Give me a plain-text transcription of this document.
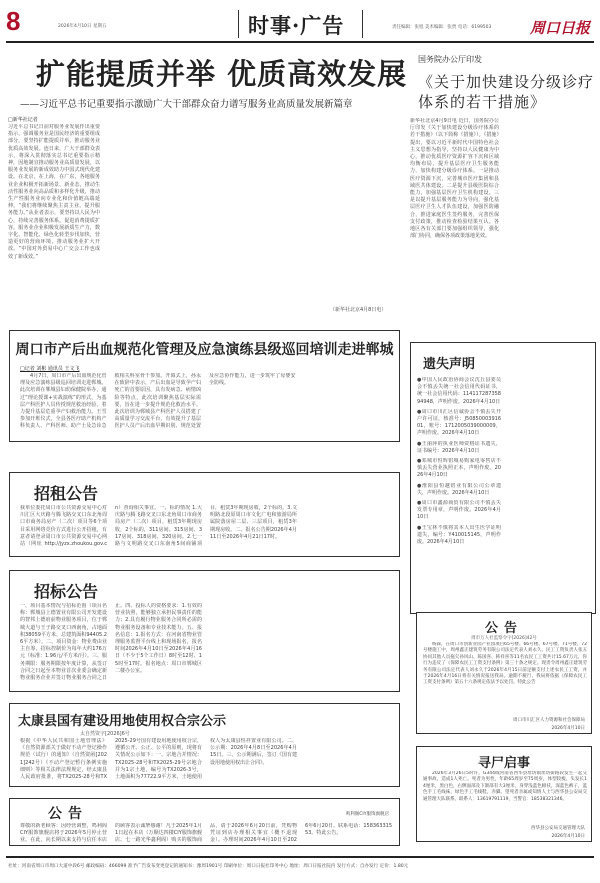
8	2026年4月10日 星期五	时事·广告	责任编辑：张旭 美术编辑：张贾 电话：6199503	周口日报
扩能提质并举 优质高效发展
——习近平总书记重要指示激励广大干部群众奋力谱写服务业高质量发展新篇章
□新华社记者
习近平总书记日前对服务业发展作出重要指示，强调服务业是国民经济的重要组成部分，要坚持扩能提质并举，推动服务业优质高效发展。连日来，广大干部群众表示，将深入贯彻落实总书记重要指示精神，因地制宜推动服务业高质量发展，以服务业发展的新成效助力中国式现代化建设。在北京，在上海，在广东，各地服务业企业积极开拓新场景、新业态，推动生活性服务业向高品质和多样化升级，推动生产性服务业向专业化和价值链高端延伸。“我们将继续聚焦主责主业，提升服务能力。”从业者表示，要坚持以人民为中心，持续完善服务体系，促进消费提质扩容。服务业企业积极发展新质生产力，数字化、智能化、绿色化转型步伐加快，营造更好的营商环境，推动服务业扩大开放。“中国对外贸易中心广交会工作也成效了新成效。”
（新华社北京4月8日电）
国务院办公厅印发
《关于加快建设分级诊疗体系的若干措施》
新华社北京4月9日电 近日，国务院办公厅印发《关于加快建设分级诊疗体系的若干措施》（以下简称《措施》）。《措施》提出，要以习近平新时代中国特色社会主义思想为指导，坚持以人民健康为中心，推动优质医疗资源扩容下沉和区域均衡布局，提升基层医疗卫生服务能力，加快构建分级诊疗体系。一是推动医疗资源下沉，完善城市医疗集团和县域医共体建设。二是提升县级医院综合能力，加强基层医疗卫生机构建设。三是以提升基层服务能力为导向，强化基层医疗卫生人才队伍建设，加强医防融合，推进家庭医生签约服务，完善医保支付政策，推动检查检验结果互认。各地区各有关部门要加强组织领导，强化部门协同，确保各项政策落地见效。
周口市产后出血规范化管理及应急演练县级巡回培训走进郸城
□记者 刘彬 通讯员 王文飞
4月7日，周口市产后出血规范化管理及应急演练县级巡回培训走进郸城。此次培训在郸城县妇幼保健院举办，通过“理论授课+实战演练”的形式，为基层产科医护人员传授规范救治经验，着力提升基层危重孕产妇救治能力。王雪参加开班仪式，全县各医疗助产机构产科负责人、产科医师、助产士及急诊急救相关科室骨干参加。开幕式上，孙永在致辞中表示，产后出血是导致孕产妇死亡的首要原因，具有发病急、病情凶险等特点，此次培训聚焦基层实际需要，旨在进一步提升规范化救治水平。此次培训为郸城县产科医护人员搭建了高质量学习交流平台，有效提升了基层医护人员产后出血早期识别、规范处置及应急协作能力，进一步筑牢了母婴安全防线。
招租公告
我单位委托周口市公共资源交易中心对川汇区大庆路与腾飞路交叉口东北角周口市商务局房产（二次）项目等6个项目采用网络竞价方式进行公开招租，有意者请登录周口市公共资源交易中心网站（网址 http://jyzx.zhoukou.gov.cn）查询相关事宜。一、标的情况 1.大庆路与腾飞路交叉口东北角周口市商务局房产（二次）项目，租赁3年期现房收，2个标的，311房间、315房间、317房间、318房间、320房间。2.七一路与文明路交叉口东南角5间商铺项目，租赁3年期现房收，2个标的。3.文明路北段原周口市文化广电和旅游局所属院落房屋二层、三层项目，租赁3年期现房收。二、报名公告期2026年4月11日至2026年4月21日17时。
招标公告
一、项目基本情况与招标范围（项目名称：郸城县上德置业有限公司开发建设的智邦上德府前物业服务项目，位于郸城大道与王子路交叉口西南角，占地面积38059平方米，总建筑面积94405.26平方米）。二、项目资金：物业费由业主自筹，招标控制价为每年大约176万元（标准：1.96元/平方米/月）。三、服务期限：服务期限按年度计算，从签订合同之日起至本物业首次业委会确定新物业服务企业并签订物业服务合同之日止。四、投标人的资格要求：1.有效的营业执照，能够独立承担民事责任的能力；2.具有履行物业服务合同所必需的物业服务设备和专业技术能力。五、报名信息：1.报名方式：在河南省物业管理服务监督平台线上和现场报名，报名时间2026年4月10日至2026年4月16日（不少于5个工作日）8时至12时、15时至17时。报名地点：周口市郸城区二楼办公室。
太康县国有建设用地使用权合宗公示
太自然资字[2026]6号
根据《中华人民共和国土地管理法》《自然资源部关于做好不动产登记操作规范（试行）的通知》（自然资函[2021]242号）《不动产登记暂行条例实施细则》等相关法律法规规定，经太康县人民政府批准，将TX2025-28号和TX2025-29号国有建设用地使用权合宗，遵循公开、公正、公平的原则，现将有关情况公示如下：一、宗地合并情况：TX2025-28号和TX2025-29号宗地合并为1宗土地，编号为TX2026-3号，土地面积为77722.9平方米，土地使用权人为太康县恒祥置业有限公司。二、公示期：2026年4月8日至2026年4月15日。三、公示期满后，签订《国有建设用地使用权出让合同》。
公告	鸣利阁CIY服饰旗舰店
尊敬的新老顾客：因经营调整，鸣利阁CIY服饰旗舰店将于2026年5月停止营业。在此，向长期以来支持与信任本店的顾客表示诚挚感谢！凡于2025年1月1日起在本店（万顺达四楼CIY服饰旗舰店、七一路光华鑫利阁）购买的服饰商品，请于2026年6月20日前，凭购物凭证到店办理相关事宜（概不退现金）。办理时间2026年4月10日至2026年6月20日。联系电话：15836331553。特此公告。
遗失声明
●中国人民政治协商会议沈丘县委员会不慎丢失统一社会信用代码证书，统一社会信用代码：11411728735894948，声明作废。2026年4月10日
●周口市川汇区信诚协会不慎丢失开户许可证，核准号：J5085000391601，账号：1712005039000009，声明作废。2026年4月10日
●王丽萍的执业医师资格证书遗失，证书编号：2026年4月10日
●邓城市恒辉铝城易购家电零售店不慎丢失营业执照正本，声明作废。2026年4月10日
●淮阳县恒越铝业有限公司公章遗失，声明作废。2026年4月10日
●周口市鑫源商贸有限公司不慎丢失发票专用章，声明作废。2026年4月10日
●王宝林不慎将其本人出生医学证明遗失，编号：Y410015145，声明作废。2026年4月10日
公告
周市万人社监察令字[2026]42号
杨森，在周口市创新业园产业园项目65号楼、66号楼、67号楼、71号楼、72号楼施工中，周州鑫正建筑劳务有限公司法定代表人刘永久、民工工资负责人张五协同其他人员拖欠孙风山、陈国喜、韩祥喜等11名农民工工资共计15.67万元，你行为违反了《保障农民工工资支付条例》第三十条之规定。现责令周州鑫正建筑劳务有限公司法定代表人刘永久于2026年4月15日前足额支付上述农民工工资，并于2026年4月16日将有关情况报送我局。逾期不履行，我局将依据《保障农民工工资支付条例》第五十六条规定依法予以处罚。特此公告
周口市川汇区人力资源和社会保障局
2026年4月10日
寻尸启事
2026年3月26日5时许，G344线河南省西华县址坊镇址坊街路段发生一起交通事故，造成1人死亡。死者为男性，年龄65周岁至75周岁，体型较瘦，头发长14厘米，黑白色，右侧面部及下颌部有大3厘米，身穿浅蓝色棉袄，深蓝色裤子，蓝色手工毛线袜，绿色手工毛线鞋，赤脚。望死者亲属或知情人士与西华县公安局交通管理大队联系。联系人：13619791119，当警官：18538321346。
西华县公安局交通管理大队
2026年4月10日
社址：河南省周口市周口大道中段6号 邮政编码：466099 准予广告发布变更登记的通知书：豫周1901号 印刷单位：周口日报社印务中心 地址：周口日报社院内 发行方式：自办发行 定价：1.80元
